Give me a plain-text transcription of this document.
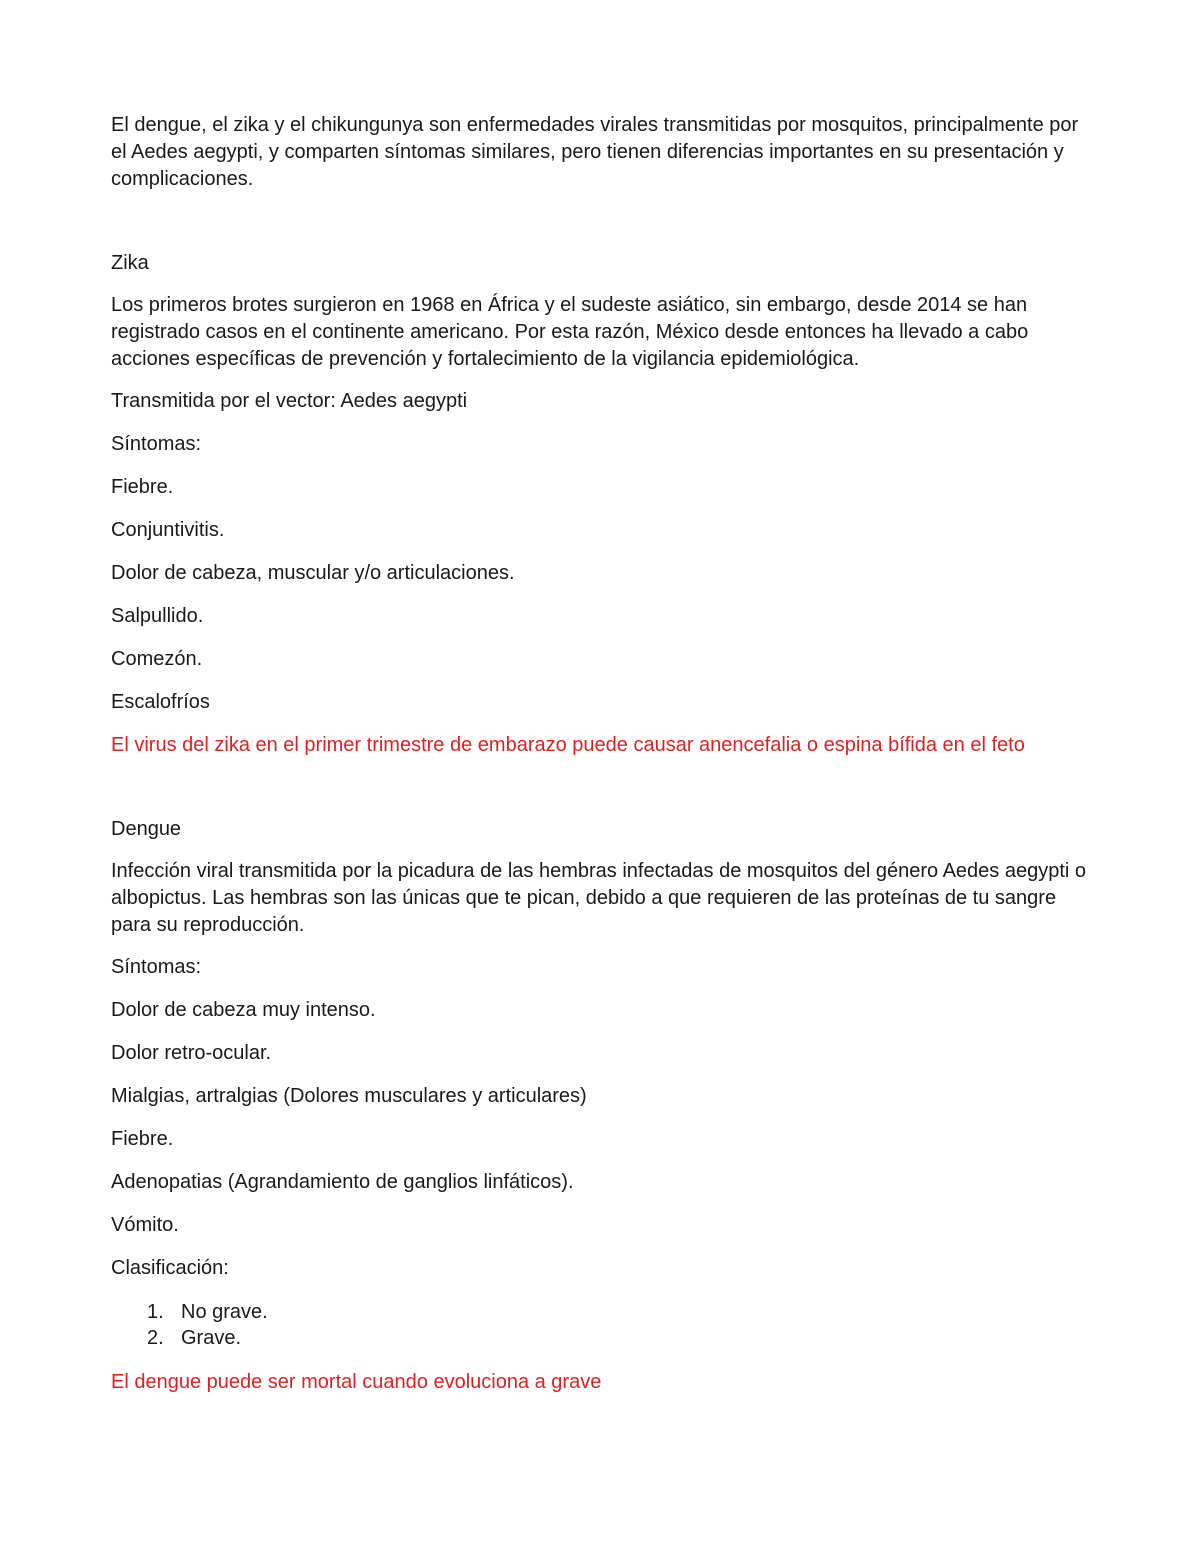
El dengue, el zika y el chikungunya son enfermedades virales transmitidas por mosquitos, principalmente por el Aedes aegypti, y comparten síntomas similares, pero tienen diferencias importantes en su presentación y complicaciones.

Zika

Los primeros brotes surgieron en 1968 en África y el sudeste asiático, sin embargo, desde 2014 se han registrado casos en el continente americano. Por esta razón, México desde entonces ha llevado a cabo acciones específicas de prevención y fortalecimiento de la vigilancia epidemiológica.

Transmitida por el vector: Aedes aegypti

Síntomas:

Fiebre.

Conjuntivitis.

Dolor de cabeza, muscular y/o articulaciones.

Salpullido.

Comezón.

Escalofríos

El virus del zika en el primer trimestre de embarazo puede causar anencefalia o espina bífida en el feto

Dengue

Infección viral transmitida por la picadura de las hembras infectadas de mosquitos del género Aedes aegypti o albopictus. Las hembras son las únicas que te pican, debido a que requieren de las proteínas de tu sangre para su reproducción.

Síntomas:

Dolor de cabeza muy intenso.

Dolor retro-ocular.

Mialgias, artralgias (Dolores musculares y articulares)

Fiebre.

Adenopatias (Agrandamiento de ganglios linfáticos).

Vómito.

Clasificación:

1. No grave.
2. Grave.

El dengue puede ser mortal cuando evoluciona a grave
